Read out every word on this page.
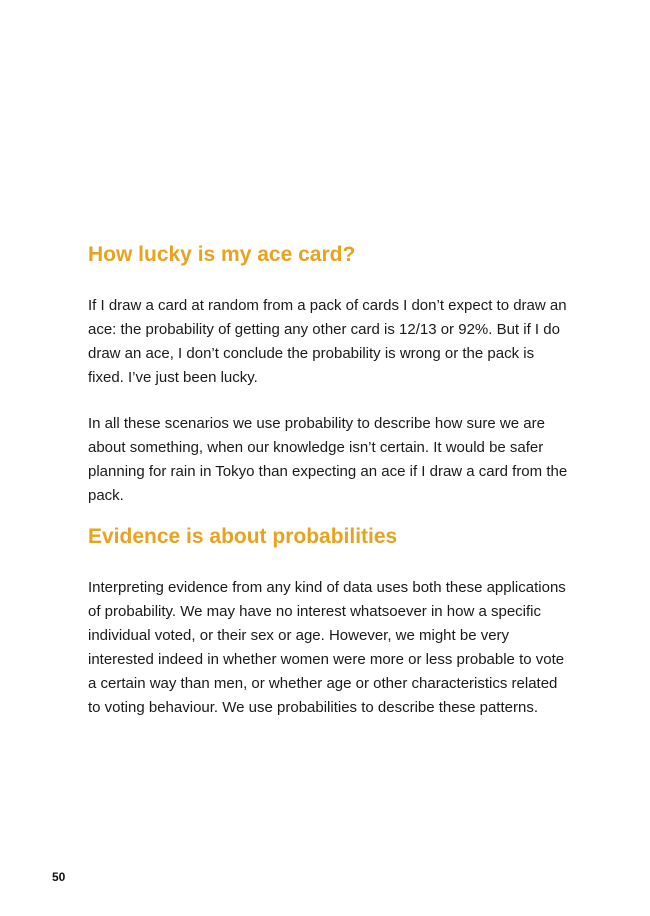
How lucky is my ace card?

If I draw a card at random from a pack of cards I don’t expect to draw an ace: the probability of getting any other card is 12/13 or 92%. But if I do draw an ace, I don’t conclude the probability is wrong or the pack is fixed. I’ve just been lucky.

In all these scenarios we use probability to describe how sure we are about something, when our knowledge isn’t certain. It would be safer planning for rain in Tokyo than expecting an ace if I draw a card from the pack.

Evidence is about probabilities

Interpreting evidence from any kind of data uses both these applications of probability. We may have no interest whatsoever in how a specific individual voted, or their sex or age. However, we might be very interested indeed in whether women were more or less probable to vote a certain way than men, or whether age or other characteristics related to voting behaviour. We use probabilities to describe these patterns.

50
